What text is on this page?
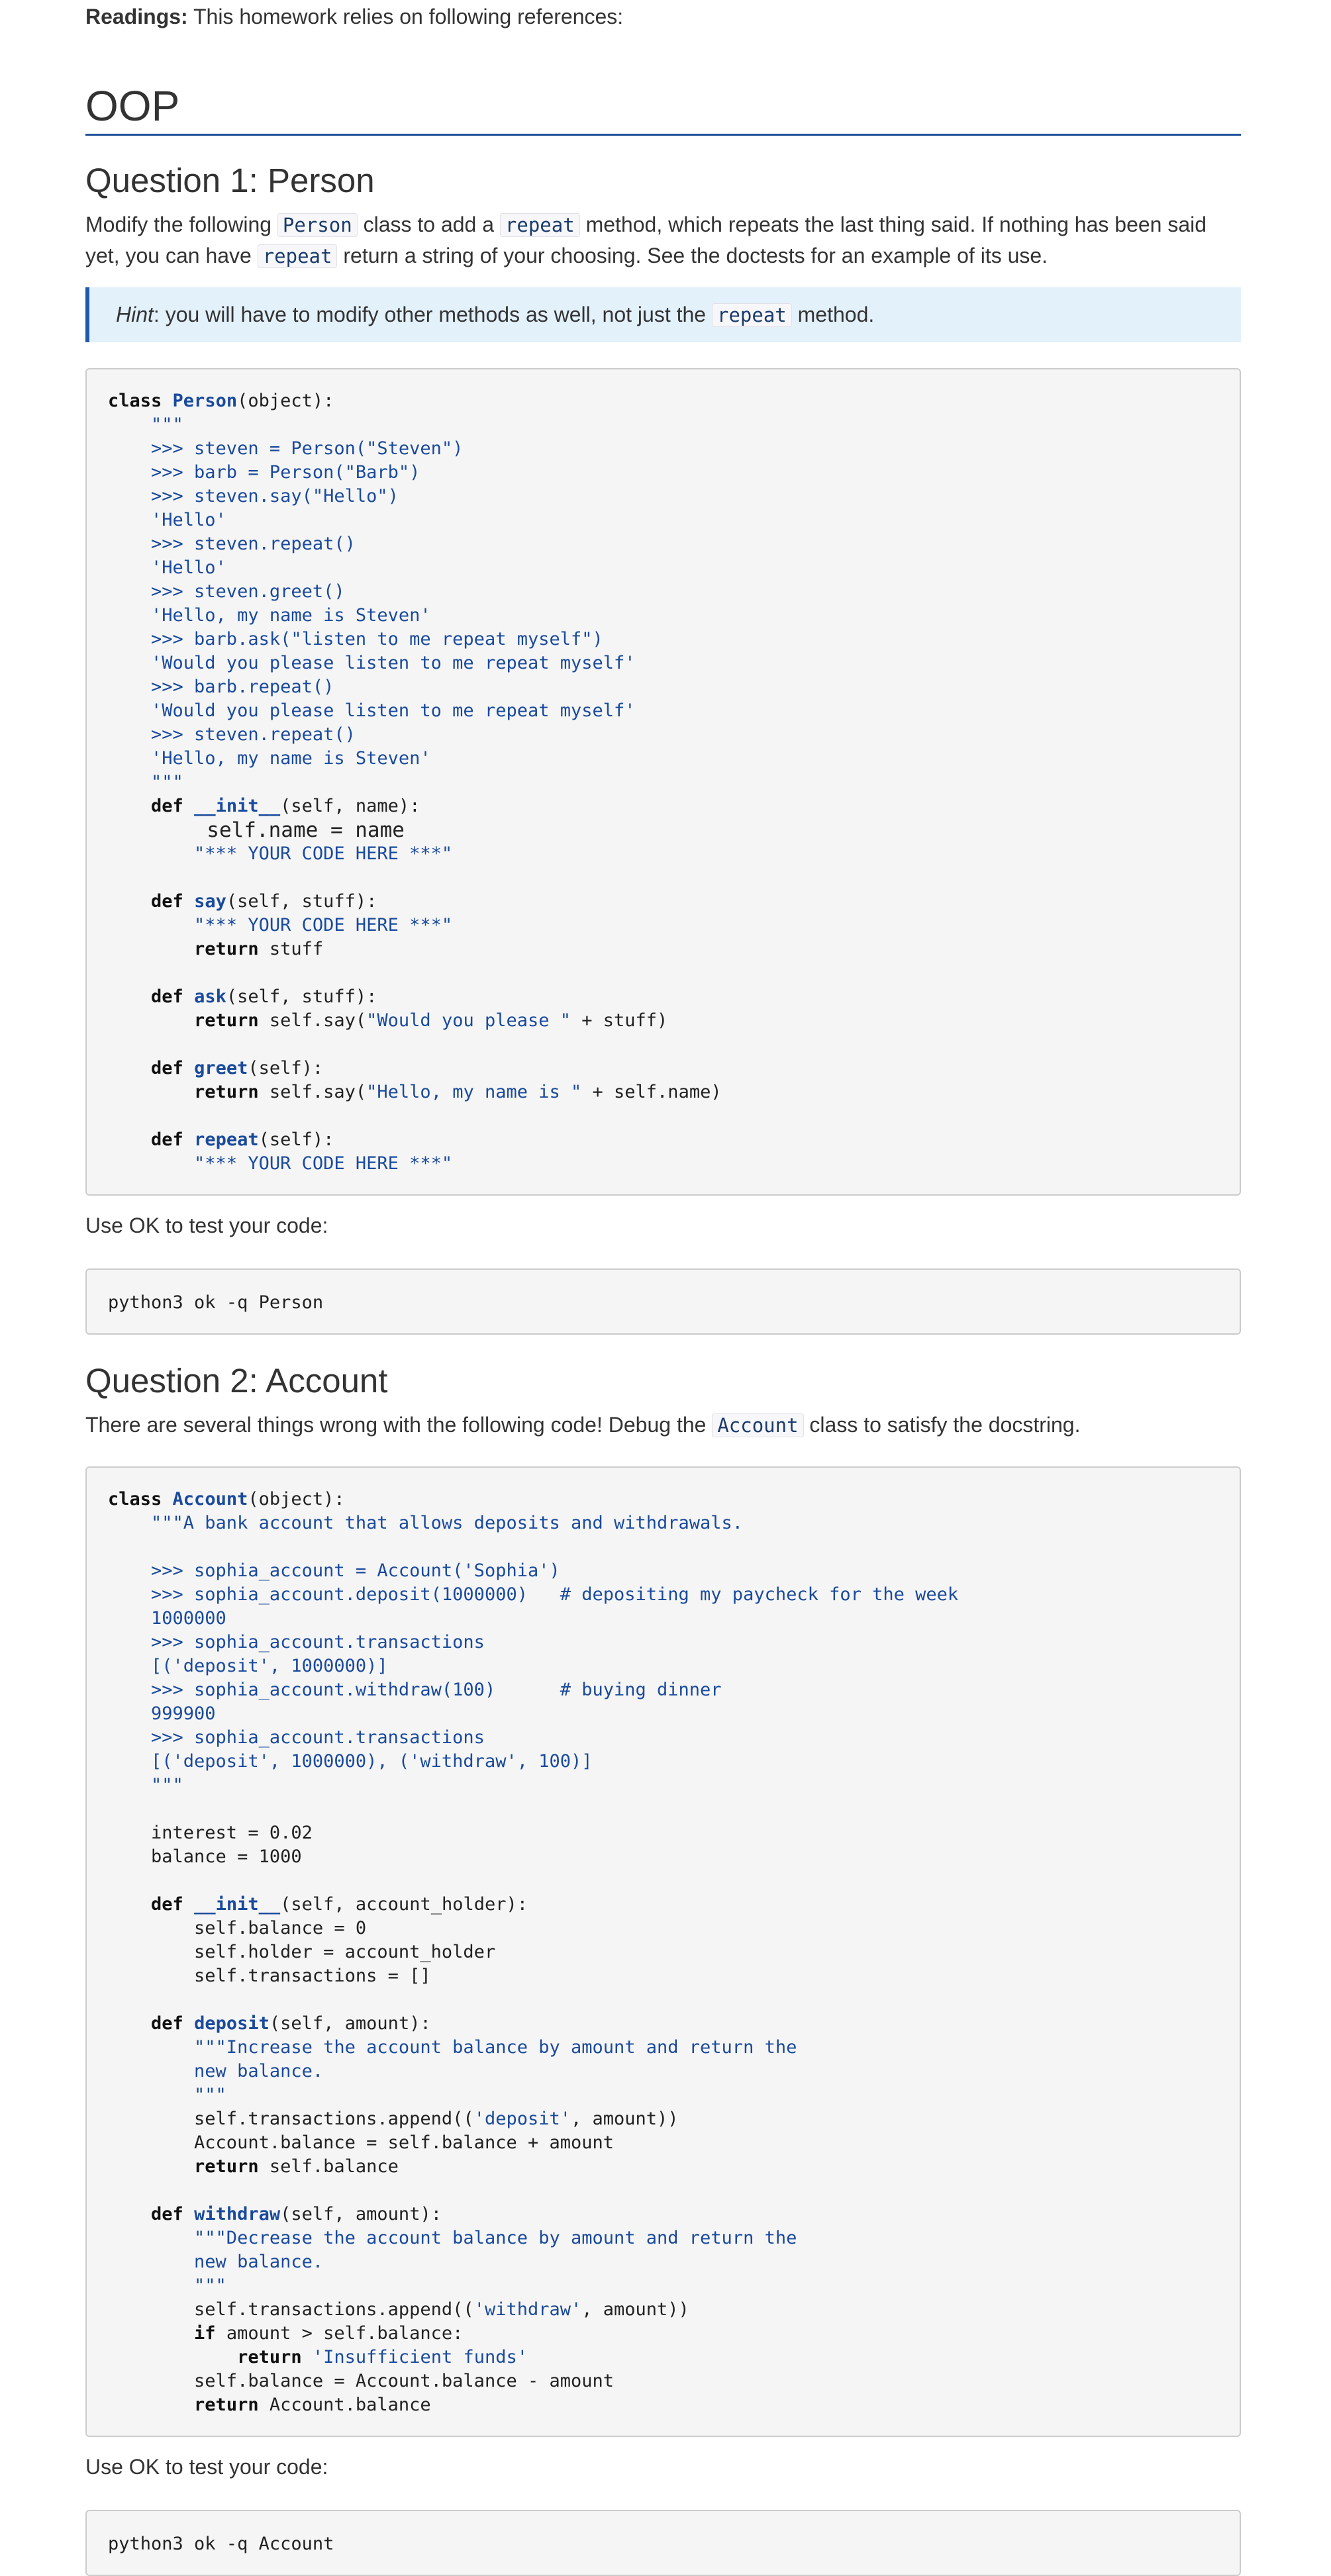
Readings: This homework relies on following references:

OOP
Question 1: Person

Modify the following Person class to add a repeat method, which repeats the last thing said. If nothing has been said yet, you can have repeat return a string of your choosing. See the doctests for an example of its use.

Hint: you will have to modify other methods as well, not just the repeat method.
class Person(object):
"""
>>> steven = Person("Steven")
>>> barb = Person("Barb")
>>> steven.say("Hello")
'Hello'
>>> steven.repeat()
'Hello'
>>> steven.greet()
'Hello, my name is Steven'
>>> barb.ask("listen to me repeat myself")
'Would you please listen to me repeat myself'
>>> barb.repeat()
'Would you please listen to me repeat myself'
>>> steven.repeat()
'Hello, my name is Steven'
"""
def __init__(self, name):
self.name = name
"*** YOUR CODE HERE ***"

def say(self, stuff):
"*** YOUR CODE HERE ***"
return stuff

def ask(self, stuff):
return self.say("Would you please " + stuff)

def greet(self):
return self.say("Hello, my name is " + self.name)

def repeat(self):
"*** YOUR CODE HERE ***"

Use OK to test your code:

python3 ok -q Person
Question 2: Account

There are several things wrong with the following code! Debug the Account class to satisfy the docstring.

class Account(object):
"""A bank account that allows deposits and withdrawals.

>>> sophia_account = Account('Sophia')
>>> sophia_account.deposit(1000000)   # depositing my paycheck for the week
1000000
>>> sophia_account.transactions
[('deposit', 1000000)]
>>> sophia_account.withdraw(100)      # buying dinner
999900
>>> sophia_account.transactions
[('deposit', 1000000), ('withdraw', 100)]
"""

interest = 0.02
balance = 1000

def __init__(self, account_holder):
self.balance = 0
self.holder = account_holder
self.transactions = []

def deposit(self, amount):
"""Increase the account balance by amount and return the
new balance.
"""
self.transactions.append(('deposit', amount))
Account.balance = self.balance + amount
return self.balance

def withdraw(self, amount):
"""Decrease the account balance by amount and return the
new balance.
"""
self.transactions.append(('withdraw', amount))
if amount > self.balance:
return 'Insufficient funds'
self.balance = Account.balance - amount
return Account.balance

Use OK to test your code:

python3 ok -q Account
